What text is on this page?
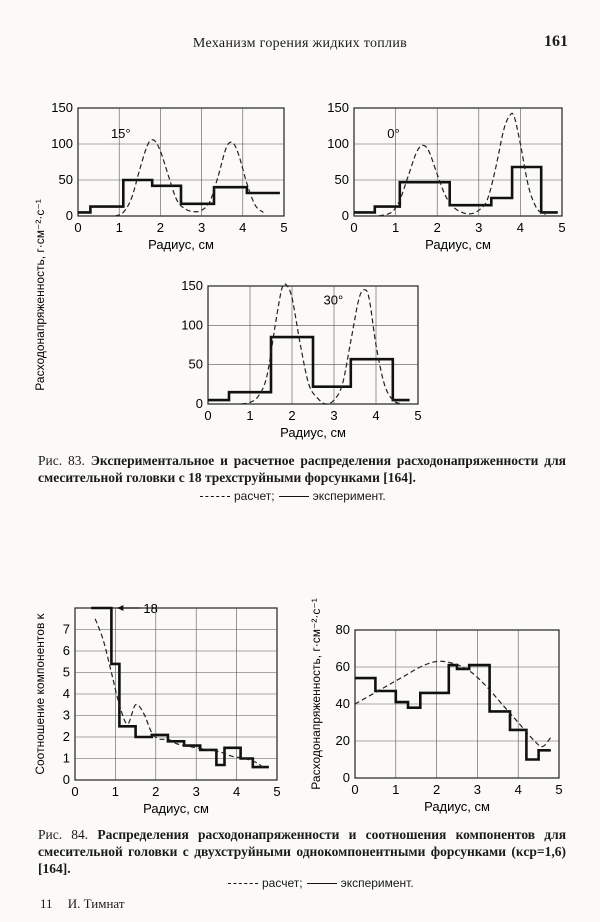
Механизм горения жидких топлив	161
0	1	2	3	4	5
0
50
100
150
Радиус, см
15°
0	1	2	3	4	5
0
50
100
150
Радиус, см
0°
0	1	2	3	4	5
0
50
100
150
Радиус, см
30°
0	1	2	3	4	5
0
1
2
3
4
5
6
7
Радиус, см
Соотношение компонентов κ
18
0	1	2	3	4	5
0
20
40
60
80
Радиус, см
Расходонапряженность, г·см⁻²·с⁻¹
Расходонапряженность, г·см⁻²·с⁻¹
Рис. 83. Экспериментальное и расчетное распределения расходонапряженности для смесительной головки с 18 трехструйными форсунками [164].
расчет;	эксперимент.
Рис. 84. Распределения расходонапряженности и соотношения компонентов для смесительной головки с двухструйными однокомпонентными форсунками (κср=1,6) [164].
расчет;	эксперимент.
11 И. Тимнат
